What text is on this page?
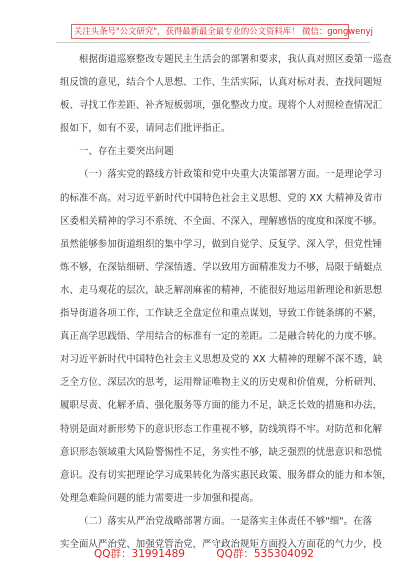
关注头条号"公文研究"，获得最新最全最专业的公文资料库！ 微信：gongwenyj
根据街道巡察整改专题民主生活会的部署和要求，我认真对照区委第一巡查
组反馈的意见，结合个人思想、工作、生活实际，认真对标对表、查找问题短
板、寻找工作差距、补齐短板弱项，强化整改力度。现将个人对照检查情况汇
报如下，如有不妥，请同志们批评指正。
一、存在主要突出问题
（一）落实党的路线方针政策和党中央重大决策部署方面。一是理论学习
的标准不高。对习近平新时代中国特色社会主义思想、党的 XX 大精神及省市
区委相关精神的学习不系统、不全面、不深入，理解感悟的度度和深度不够。
虽然能够参加街道组织的集中学习，做到自觉学、反复学、深入学，但党性锤
炼不够，在深钻细研、学深悟透、学以致用方面精准发力不够，局限于蜻蜓点
水、走马观花的层次，缺乏解剖麻雀的精神，不能很好地运用新理论和新思想
指导街道各项工作，工作缺乏全盘定位和重点谋划，导致工作链条绑的不紧，
真正高学思践悟、学用结合的标准有一定的差距。二是融合转化的力度不够。
对习近平新时代中国特色社会主义思想及党的 XX 大精神的理解不深不透，缺
乏全方位、深层次的思考，运用辩证唯物主义的历史观和价值观，分析研判、
履职尽责、化解矛盾、强化服务等方面的能力不足，缺乏长效的措施和办法，
特别是面对新形势下的意识形态工作重视不够，防线筑得不牢。对防范和化解
意识形态领域重大风险警惕性不足，务实性不够，缺乏强烈的忧患意识和恐慌
意识。没有切实把理论学习成果转化为落实惠民政策、服务群众的能力和本领，
处理急难险问题的能力需要进一步加强和提高。
（二）落实从严治党战略部署方面。一是落实主体责任不够"细"。在落
实全面从严治党、加强党管治党，严守政治规矩方面投入方面花的气力少，投
QQ群：31991489	QQ群：535304092
